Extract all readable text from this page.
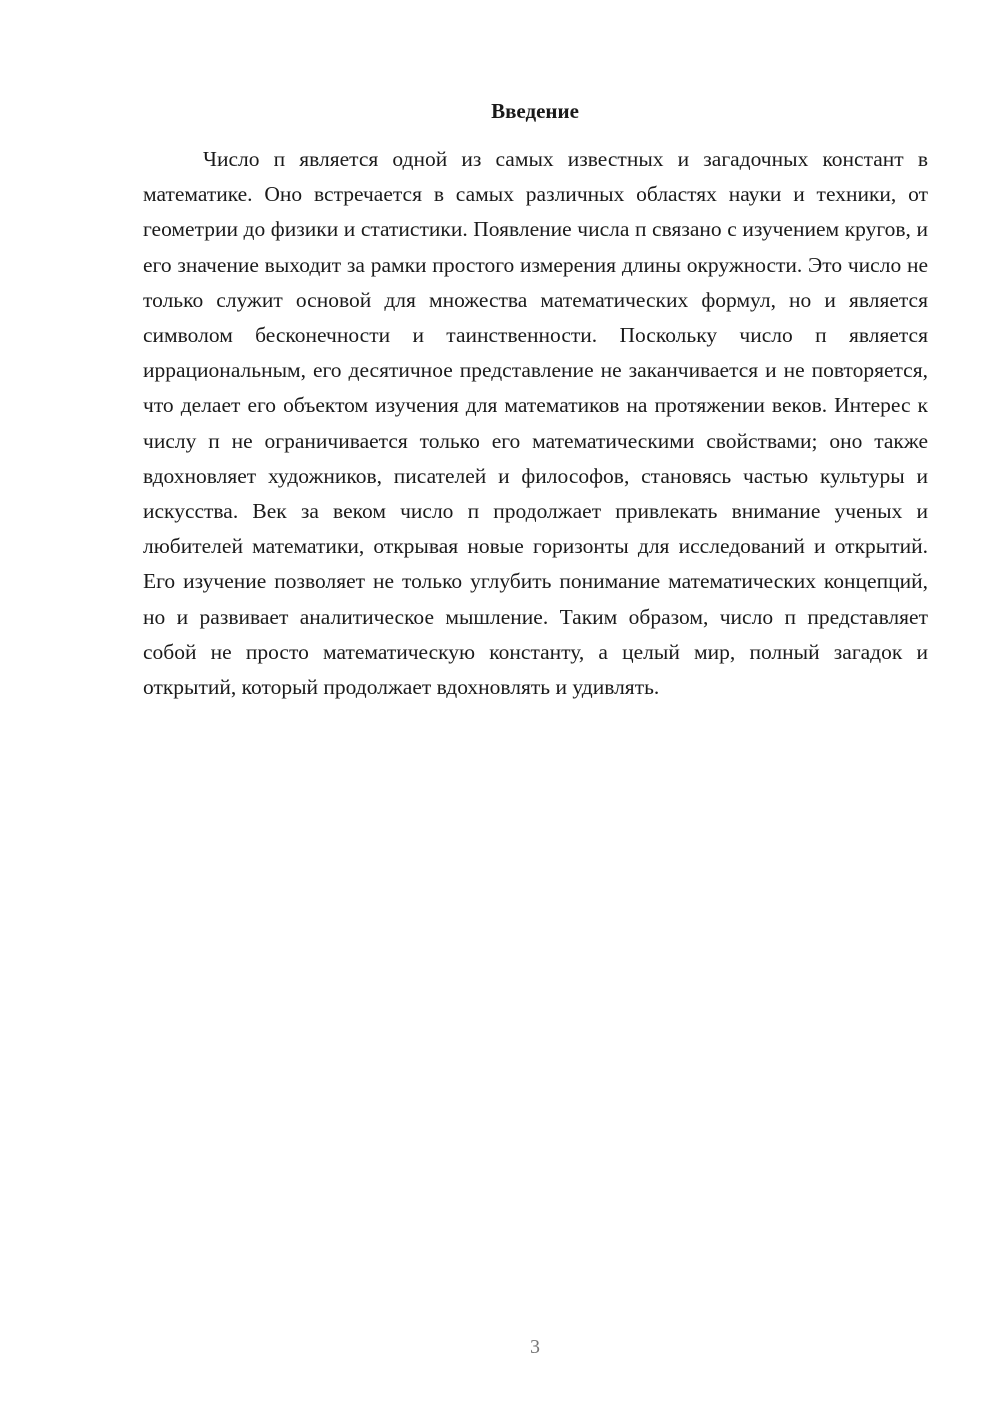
Введение

Число п является одной из самых известных и загадочных констант в математике. Оно встречается в самых различных областях науки и техники, от геометрии до физики и статистики. Появление числа п связано с изучением кругов, и его значение выходит за рамки простого измерения длины окружности. Это число не только служит основой для множества математических формул, но и является символом бесконечности и таинственности. Поскольку число п является иррациональным, его десятичное представление не заканчивается и не повторяется, что делает его объектом изучения для математиков на протяжении веков. Интерес к числу п не ограничивается только его математическими свойствами; оно также вдохновляет художников, писателей и философов, становясь частью культуры и искусства. Век за веком число п продолжает привлекать внимание ученых и любителей математики, открывая новые горизонты для исследований и открытий. Его изучение позволяет не только углубить понимание математических концепций, но и развивает аналитическое мышление. Таким образом, число п представляет собой не просто математическую константу, а целый мир, полный загадок и открытий, который продолжает вдохновлять и удивлять.

3
